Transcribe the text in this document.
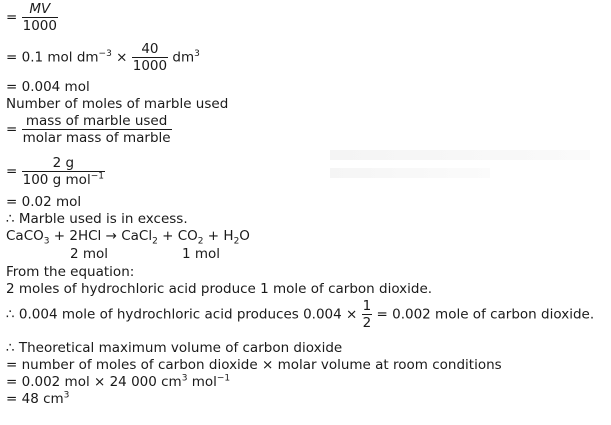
= $\frac{MV}{1000}$
= 0.1 mol $dm^{-3} \times \frac{40}{1000} dm^3$
= 0.004 mol
Number of moles of marble used
= $\frac{\text{mass of marble used}}{\text{molar mass of marble}}$
= $\frac{2 g}{100 g mol^{-1}}$
= 0.02 mol
∴ Marble used is in excess.
CaCO$_3$ + 2HCl → CaCl$_2$ + $CO_2 + H_2O$
2 mol	1 mol
From the equation:
2 moles of hydrochloric acid produce 1 mole of carbon dioxide.
∴ 0.004 mole of hydrochloric acid produces $0.004 \times \frac{1}{2} = 0.002$ mole of carbon dioxide.
∴ Theoretical maximum volume of carbon dioxide
= number of moles of carbon dioxide × molar volume at room conditions
= 0.002 mol × 24 000 $cm^3$ mol$^{-1}$
= 48 $cm^3$
